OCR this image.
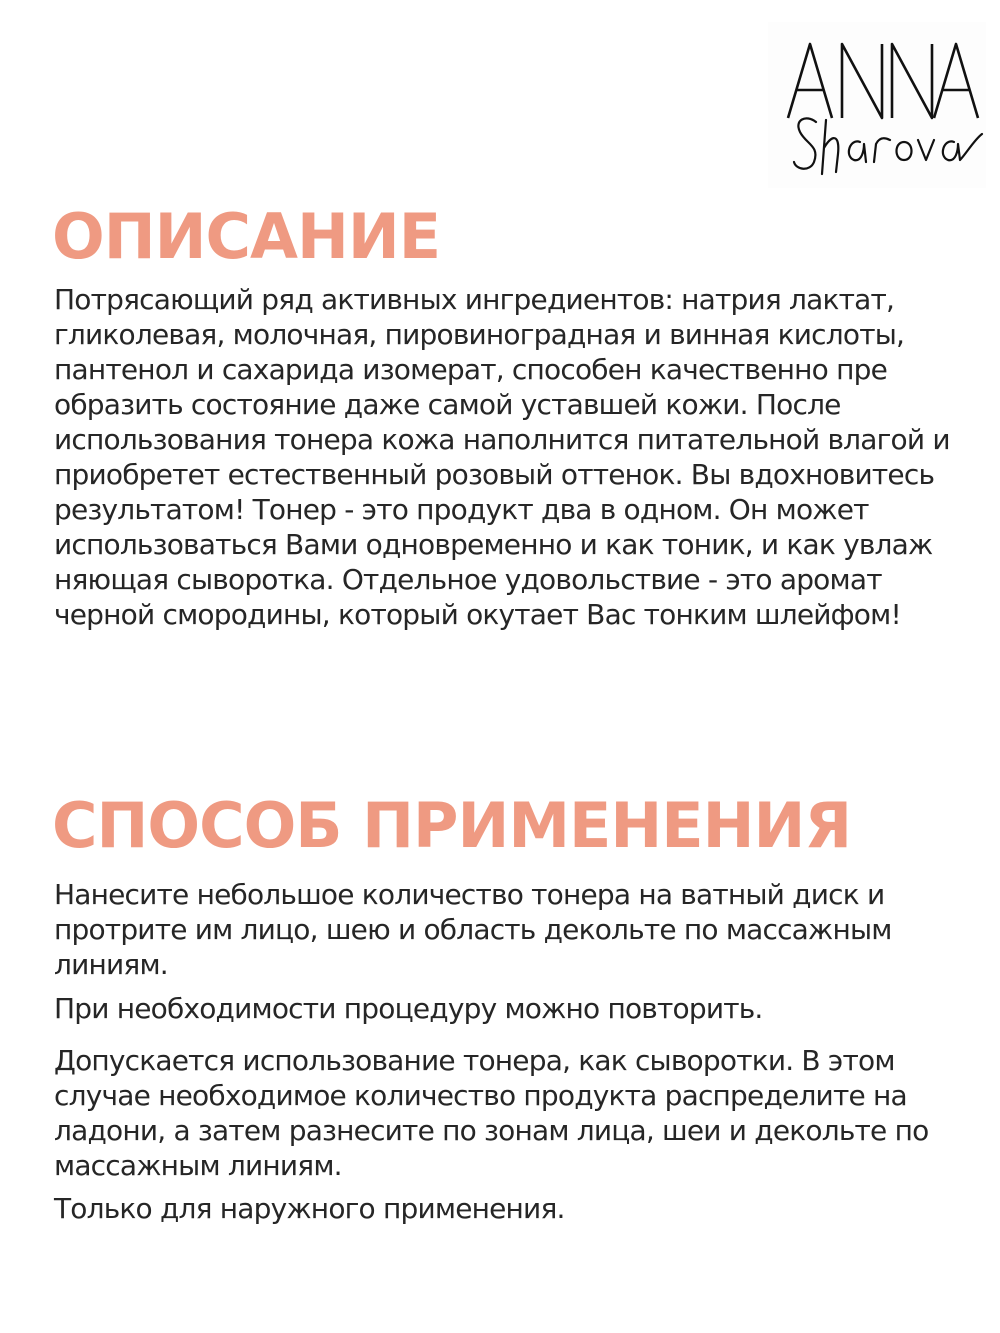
ОПИСАНИЕ

Потрясающий ряд активных ингредиентов: натрия лактат, гликолевая, молочная, пировиноградная и винная кислоты, пантенол и сахарида изомерат, способен качественно пре образить состояние даже самой уставшей кожи. После использования тонера кожа наполнится питательной влагой и приобретет естественный розовый оттенок. Вы вдохновитесь результатом! Тонер - это продукт два в одном. Он может использоваться Вами одновременно и как тоник, и как увлаж няющая сыворотка. Отдельное удовольствие - это аромат черной смородины, который окутает Вас тонким шлейфом!

СПОСОБ ПРИМЕНЕНИЯ

Нанесите небольшое количество тонера на ватный диск и протрите им лицо, шею и область декольте по массажным линиям.

При необходимости процедуру можно повторить.

Допускается использование тонера, как сыворотки. В этом случае необходимое количество продукта распределите на ладони, а затем разнесите по зонам лица, шеи и декольте по массажным линиям.

Только для наружного применения.
